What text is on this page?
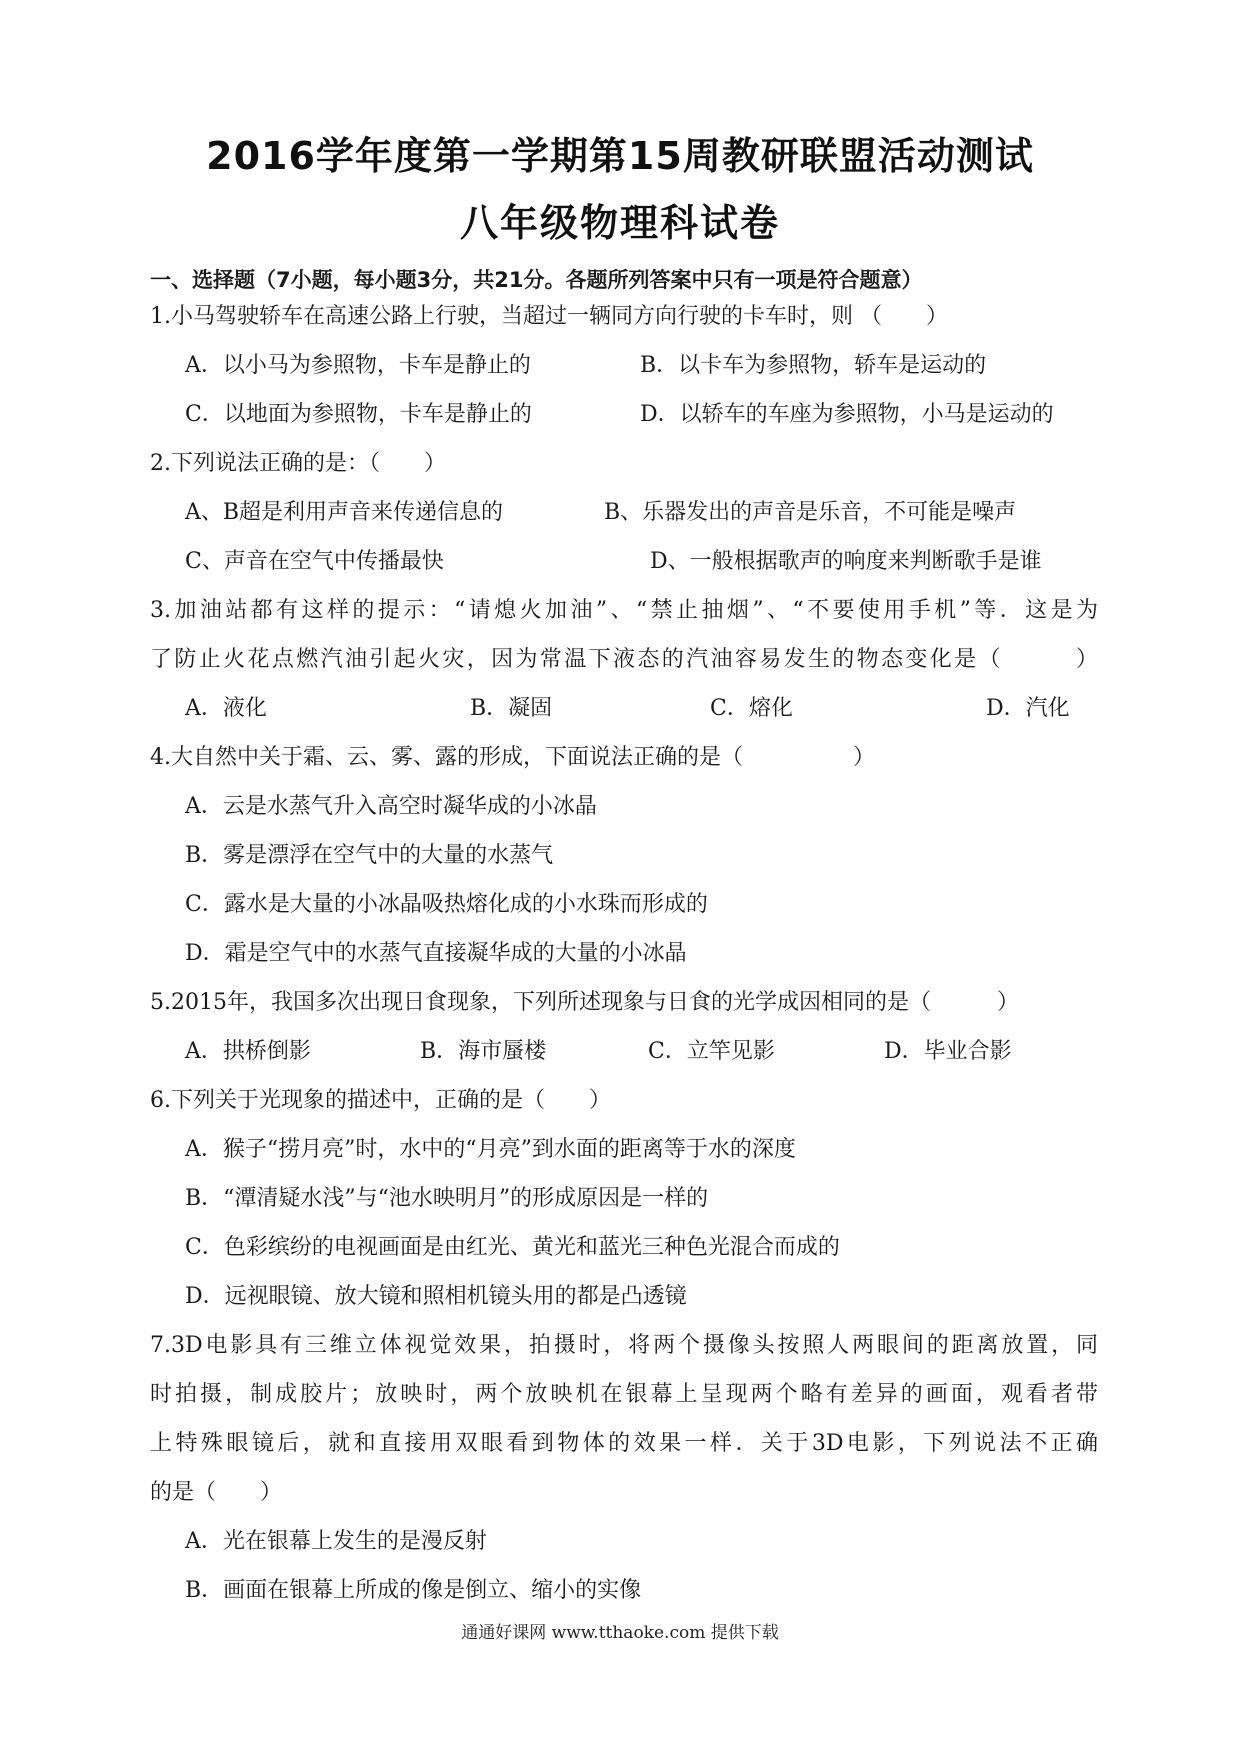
2016学年度第一学期第15周教研联盟活动测试
八年级物理科试卷
一、选择题（7小题，每小题3分，共21分。各题所列答案中只有一项是符合题意）
1.小马驾驶轿车在高速公路上行驶，当超过一辆同方向行驶的卡车时，则 （　　）
A．以小马为参照物，卡车是静止的	B．以卡车为参照物，轿车是运动的
C．以地面为参照物，卡车是静止的	D．以轿车的车座为参照物，小马是运动的
2.下列说法正确的是：（　　）
A、B超是利用声音来传递信息的	B、乐器发出的声音是乐音，不可能是噪声
C、声音在空气中传播最快	D、一般根据歌声的响度来判断歌手是谁
3.加油站都有这样的提示：“请熄火加油”、“禁止抽烟”、“不要使用手机”等．这是为
了防止火花点燃汽油引起火灾，因为常温下液态的汽油容易发生的物态变化是（　　　）
A．液化	B．凝固	C．熔化	D．汽化
4.大自然中关于霜、云、雾、露的形成，下面说法正确的是（　　　　　）
A．云是水蒸气升入高空时凝华成的小冰晶
B．雾是漂浮在空气中的大量的水蒸气
C．露水是大量的小冰晶吸热熔化成的小水珠而形成的
D．霜是空气中的水蒸气直接凝华成的大量的小冰晶
5.2015年，我国多次出现日食现象，下列所述现象与日食的光学成因相同的是（　　　）
A．拱桥倒影	B．海市蜃楼	C．立竿见影	D．毕业合影
6.下列关于光现象的描述中，正确的是（　　）
A．猴子“捞月亮”时，水中的“月亮”到水面的距离等于水的深度
B．“潭清疑水浅”与“池水映明月”的形成原因是一样的
C．色彩缤纷的电视画面是由红光、黄光和蓝光三种色光混合而成的
D．远视眼镜、放大镜和照相机镜头用的都是凸透镜
7.3D电影具有三维立体视觉效果，拍摄时，将两个摄像头按照人两眼间的距离放置，同
时拍摄，制成胶片；放映时，两个放映机在银幕上呈现两个略有差异的画面，观看者带
上特殊眼镜后，就和直接用双眼看到物体的效果一样．关于3D电影，下列说法不正确
的是（　　）
A．光在银幕上发生的是漫反射
B．画面在银幕上所成的像是倒立、缩小的实像
通通好课网 www.tthaoke.com 提供下载
